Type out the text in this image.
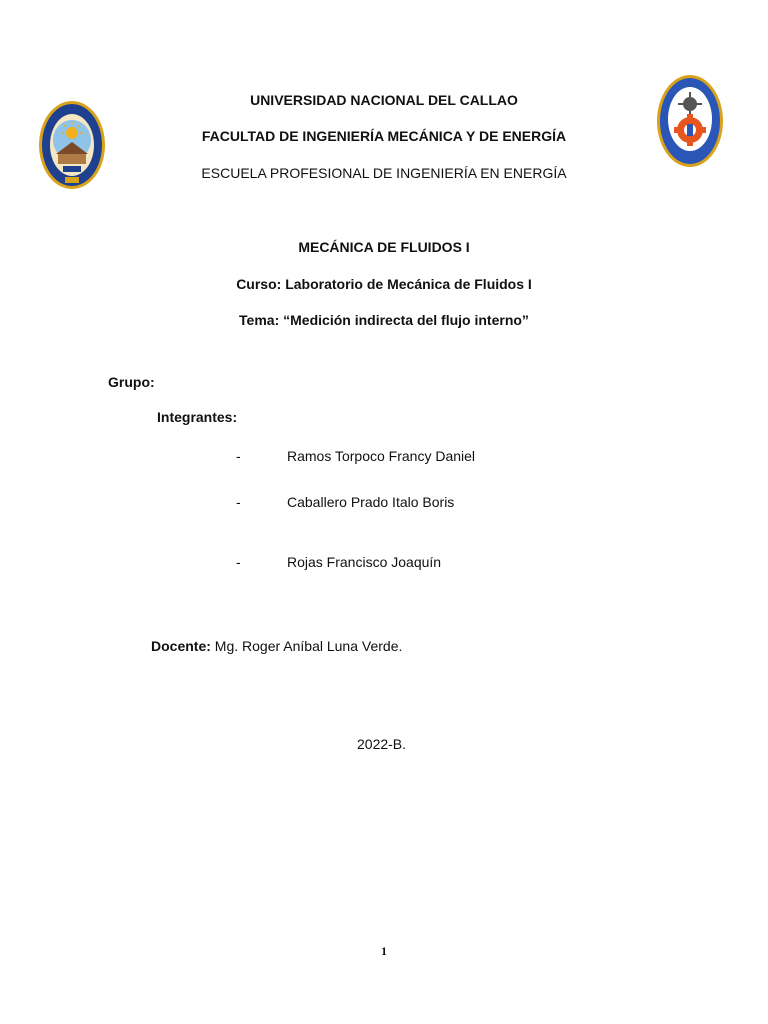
UNIVERSIDAD NACIONAL DEL CALLAO
FACULTAD DE INGENIERÍA MECÁNICA Y DE ENERGÍA
ESCUELA PROFESIONAL DE INGENIERÍA EN ENERGÍA
MECÁNICA DE FLUIDOS I
Curso: Laboratorio de Mecánica de Fluidos I
Tema: “Medición indirecta del flujo interno”
Grupo:
Integrantes:
-	Ramos Torpoco Francy Daniel
-	Caballero Prado Italo Boris
-	Rojas Francisco Joaquín
Docente: Mg. Roger Aníbal Luna Verde.
2022-B.
1
